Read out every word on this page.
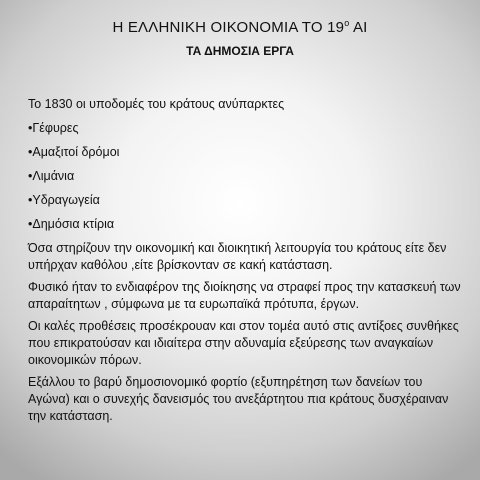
Η ΕΛΛΗΝΙΚΗ ΟΙΚΟΝΟΜΙΑ ΤΟ $19^o$ ΑΙ
ΤΑ ΔΗΜΟΣΙΑ ΕΡΓΑ

Το 1830 οι υποδομές του κράτους ανύπαρκτες

•Γέφυρες

•Αμαξιτοί δρόμοι

•Λιμάνια

•Υδραγωγεία

•Δημόσια κτίρια

Όσα στηρίζουν την οικονομική και διοικητική λειτουργία του κράτους είτε δεν υπήρχαν καθόλου ,είτε βρίσκονταν σε κακή κατάσταση.

Φυσικό ήταν το ενδιαφέρον της διοίκησης να στραφεί προς την κατασκευή των απαραίτητων , σύμφωνα με τα ευρωπαϊκά πρότυπα, έργων.

Οι καλές προθέσεις προσέκρουαν και στον τομέα αυτό στις αντίξοες συνθήκες που επικρατούσαν και ιδιαίτερα στην αδυναμία εξεύρεσης των αναγκαίων οικονομικών πόρων.

Εξάλλου το βαρύ δημοσιονομικό φορτίο (εξυπηρέτηση των δανείων του Αγώνα) και ο συνεχής δανεισμός του ανεξάρτητου πια κράτους δυσχέραιναν την κατάσταση.
